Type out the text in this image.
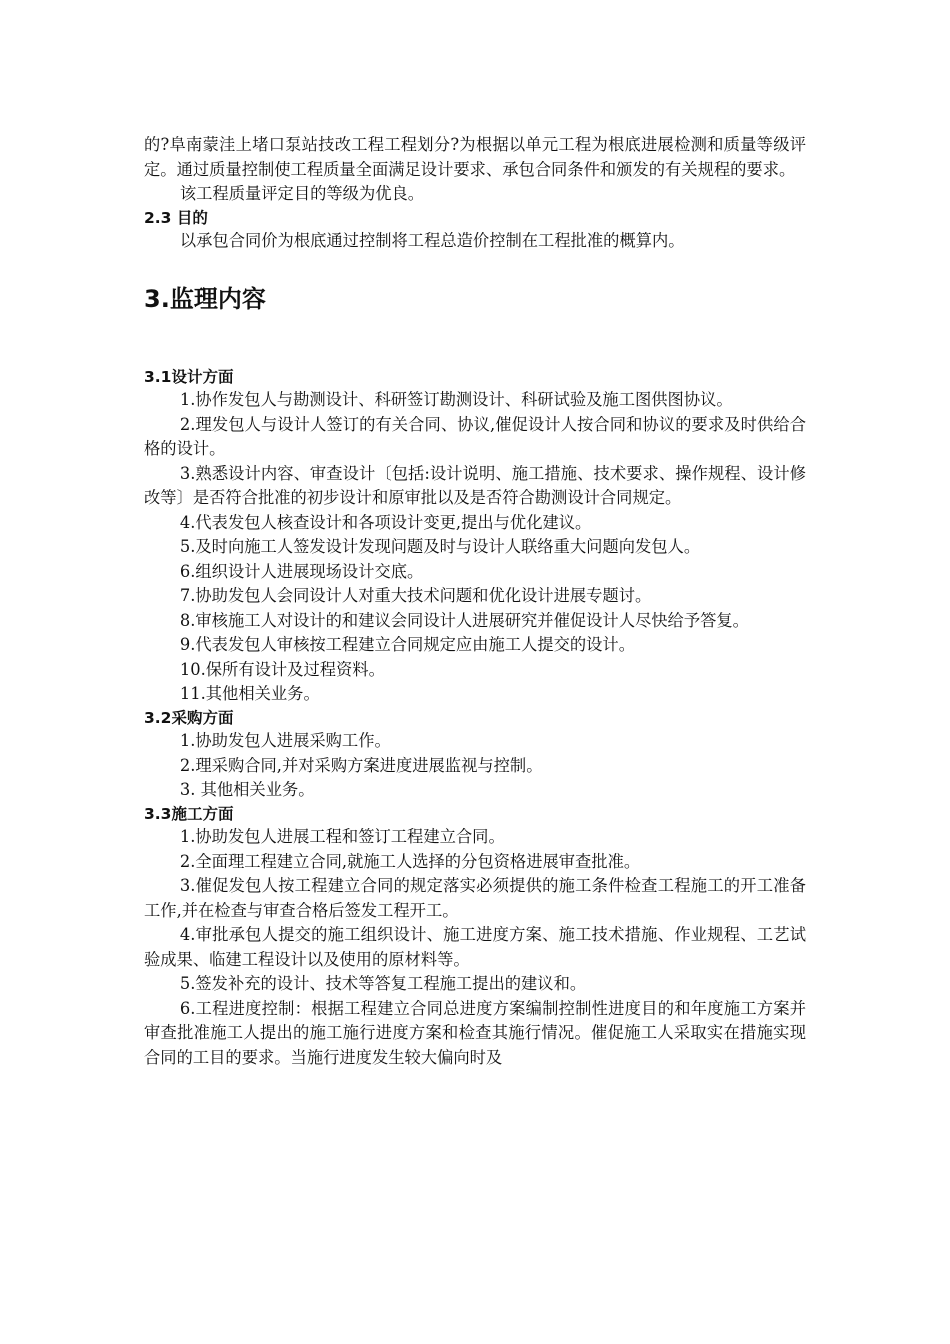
的?阜南蒙洼上堵口泵站技改工程工程划分?为根据以单元工程为根底进展检测和质量等级评定。通过质量控制使工程质量全面满足设计要求、承包合同条件和颁发的有关规程的要求。

该工程质量评定目的等级为优良。

2.3 目的

以承包合同价为根底通过控制将工程总造价控制在工程批准的概算内。

3.监理内容
3.1设计方面

1.协作发包人与勘测设计、科研签订勘测设计、科研试验及施工图供图协议。

2.理发包人与设计人签订的有关合同、协议,催促设计人按合同和协议的要求及时供给合格的设计。

3.熟悉设计内容、审查设计〔包括:设计说明、施工措施、技术要求、操作规程、设计修改等〕是否符合批准的初步设计和原审批以及是否符合勘测设计合同规定。

4.代表发包人核查设计和各项设计变更,提出与优化建议。

5.及时向施工人签发设计发现问题及时与设计人联络重大问题向发包人。

6.组织设计人进展现场设计交底。

7.协助发包人会同设计人对重大技术问题和优化设计进展专题讨。

8.审核施工人对设计的和建议会同设计人进展研究并催促设计人尽快给予答复。

9.代表发包人审核按工程建立合同规定应由施工人提交的设计。

10.保所有设计及过程资料。

11.其他相关业务。

3.2采购方面

1.协助发包人进展采购工作。

2.理采购合同,并对采购方案进度进展监视与控制。

3. 其他相关业务。

3.3施工方面

1.协助发包人进展工程和签订工程建立合同。

2.全面理工程建立合同,就施工人选择的分包资格进展审查批准。

3.催促发包人按工程建立合同的规定落实必须提供的施工条件检查工程施工的开工准备工作,并在检查与审查合格后签发工程开工。

4.审批承包人提交的施工组织设计、施工进度方案、施工技术措施、作业规程、工艺试验成果、临建工程设计以及使用的原材料等。

5.签发补充的设计、技术等答复工程施工提出的建议和。

6.工程进度控制：根据工程建立合同总进度方案编制控制性进度目的和年度施工方案并审查批准施工人提出的施工施行进度方案和检查其施行情况。催促施工人采取实在措施实现合同的工目的要求。当施行进度发生较大偏向时及
